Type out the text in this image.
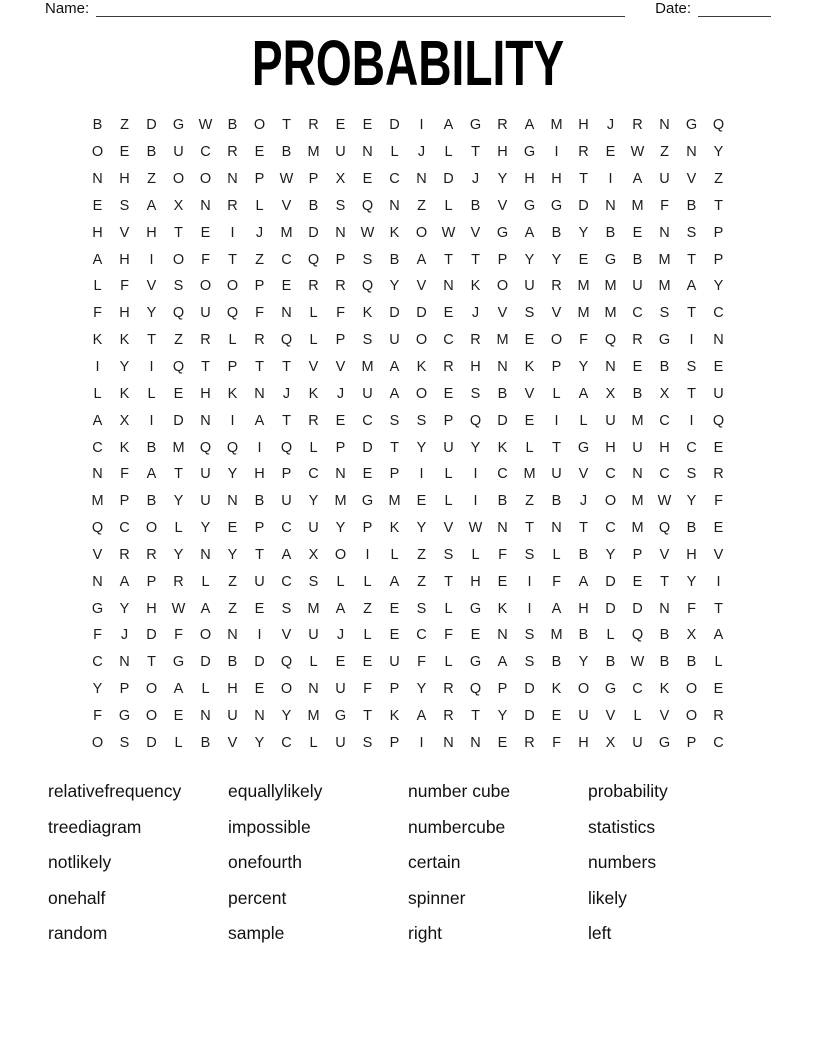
Name:	Date:
PROBABILITY
B	Z	D	G	W	B	O	T	R	E	E	D	I	A	G	R	A	M	H	J	R	N	G	Q
O	E	B	U	C	R	E	B	M	U	N	L	J	L	T	H	G	I	R	E	W	Z	N	Y
N	H	Z	O	O	N	P	W	P	X	E	C	N	D	J	Y	H	H	T	I	A	U	V	Z
E	S	A	X	N	R	L	V	B	S	Q	N	Z	L	B	V	G	G	D	N	M	F	B	T
H	V	H	T	E	I	J	M	D	N	W	K	O	W	V	G	A	B	Y	B	E	N	S	P
A	H	I	O	F	T	Z	C	Q	P	S	B	A	T	T	P	Y	Y	E	G	B	M	T	P
L	F	V	S	O	O	P	E	R	R	Q	Y	V	N	K	O	U	R	M	M	U	M	A	Y
F	H	Y	Q	U	Q	F	N	L	F	K	D	D	E	J	V	S	V	M	M	C	S	T	C
K	K	T	Z	R	L	R	Q	L	P	S	U	O	C	R	M	E	O	F	Q	R	G	I	N
I	Y	I	Q	T	P	T	T	V	V	M	A	K	R	H	N	K	P	Y	N	E	B	S	E
L	K	L	E	H	K	N	J	K	J	U	A	O	E	S	B	V	L	A	X	B	X	T	U
A	X	I	D	N	I	A	T	R	E	C	S	S	P	Q	D	E	I	L	U	M	C	I	Q
C	K	B	M	Q	Q	I	Q	L	P	D	T	Y	U	Y	K	L	T	G	H	U	H	C	E
N	F	A	T	U	Y	H	P	C	N	E	P	I	L	I	C	M	U	V	C	N	C	S	R
M	P	B	Y	U	N	B	U	Y	M	G	M	E	L	I	B	Z	B	J	O	M W	Y	F
Q	C	O	L	Y	E	P	C	U	Y	P	K	Y	V	W	N	T	N	T	C	M	Q	B	E
V	R	R	Y	N	Y	T	A	X	O	I	L	Z	S	L	F	S	L	B	Y	P	V	H	V
N	A	P	R	L	Z	U	C	S	L	L	A	Z	T	H	E	I	F	A	D	E	T	Y	I
G	Y	H	W	A	Z	E	S	M	A	Z	E	S	L	G	K	I	A	H	D	D	N	F	T
F	J	D	F	O	N	I	V	U	J	L	E	C	F	E	N	S	M	B	L	Q	B	X	A
C	N	T	G	D	B	D	Q	L	E	E	U	F	L	G	A	S	B	Y	B	W	B	B	L
Y	P	O	A	L	H	E	O	N	U	F	P	Y	R	Q	P	D	K	O	G	C	K	O	E
F	G	O	E	N	U	N	Y	M	G	T	K	A	R	T	Y	D	E	U	V	L	V	O	R
O	S	D	L	B	V	Y	C	L	U	S	P	I	N	N	E	R	F	H	X	U	G	P	C
relativefrequency
treediagram
notlikely
onehalf
random
equallylikely
impossible
onefourth
percent
sample
number cube
numbercube
certain
spinner
right
probability
statistics
numbers
likely
left
